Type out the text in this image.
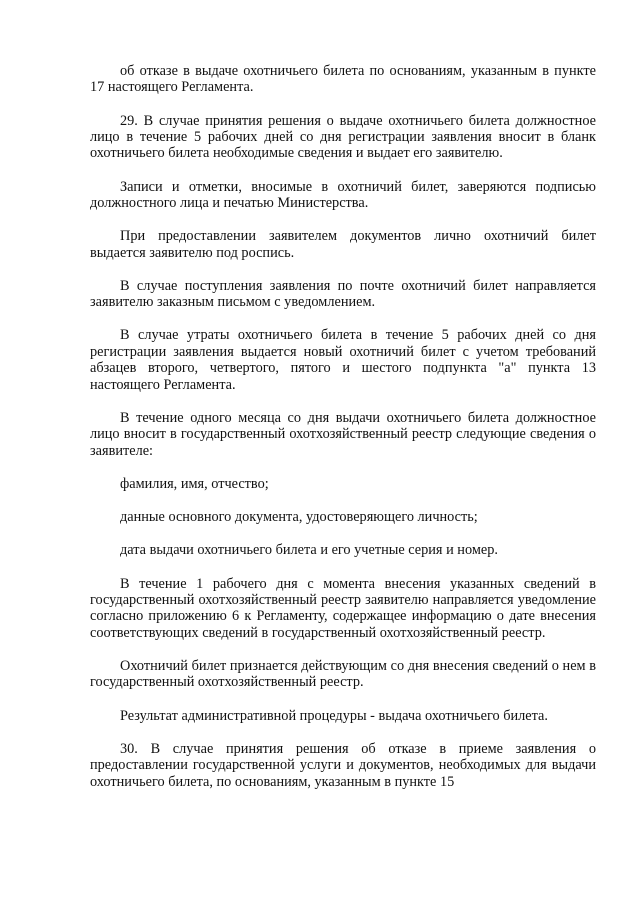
об отказе в выдаче охотничьего билета по основаниям, указанным в пункте 17 настоящего Регламента.

29. В случае принятия решения о выдаче охотничьего билета должностное лицо в течение 5 рабочих дней со дня регистрации заявления вносит в бланк охотничьего билета необходимые сведения и выдает его заявителю.

Записи и отметки, вносимые в охотничий билет, заверяются подписью должностного лица и печатью Министерства.

При предоставлении заявителем документов лично охотничий билет выдается заявителю под роспись.

В случае поступления заявления по почте охотничий билет направляется заявителю заказным письмом с уведомлением.

В случае утраты охотничьего билета в течение 5 рабочих дней со дня регистрации заявления выдается новый охотничий билет с учетом требований абзацев второго, четвертого, пятого и шестого подпункта "а" пункта 13 настоящего Регламента.

В течение одного месяца со дня выдачи охотничьего билета должностное лицо вносит в государственный охотхозяйственный реестр следующие сведения о заявителе:

фамилия, имя, отчество;

данные основного документа, удостоверяющего личность;

дата выдачи охотничьего билета и его учетные серия и номер.

В течение 1 рабочего дня с момента внесения указанных сведений в государственный охотхозяйственный реестр заявителю направляется уведомление согласно приложению 6 к Регламенту, содержащее информацию о дате внесения соответствующих сведений в государственный охотхозяйственный реестр.

Охотничий билет признается действующим со дня внесения сведений о нем в государственный охотхозяйственный реестр.

Результат административной процедуры - выдача охотничьего билета.

30. В случае принятия решения об отказе в приеме заявления о предоставлении государственной услуги и документов, необходимых для выдачи охотничьего билета, по основаниям, указанным в пункте 15
